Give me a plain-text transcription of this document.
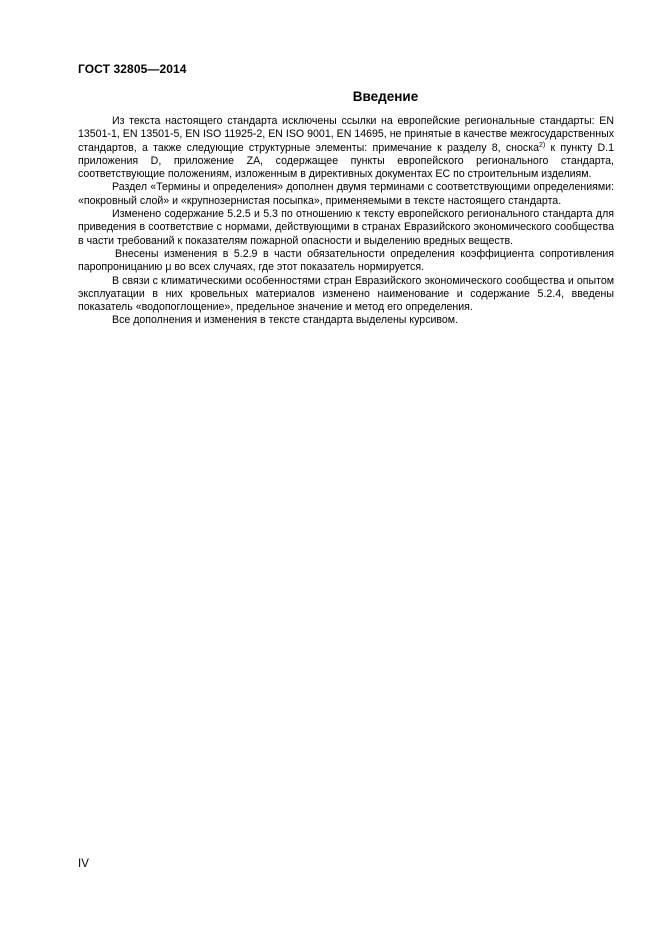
ГОСТ 32805—2014
Введение

Из текста настоящего стандарта исключены ссылки на европейские региональные стандарты: EN 13501-1, EN 13501-5, EN ISO 11925-2, EN ISO 9001, EN 14695, не принятые в качестве межгосударственных стандартов, а также следующие структурные элементы: примечание к разделу 8, сноска$^{2)}$ к пункту D.1 приложения D, приложение ZA, содержащее пункты европейского регионального стандарта, соответствующие положениям, изложенным в директивных документах ЕС по строительным изделиям.

Раздел «Термины и определения» дополнен двумя терминами с соответствующими определениями: «покровный слой» и «крупнозернистая посыпка», применяемыми в тексте настоящего стандарта.

Изменено содержание 5.2.5 и 5.3 по отношению к тексту европейского регионального стандарта для приведения в соответствие с нормами, действующими в странах Евразийского экономического сообщества в части требований к показателям пожарной опасности и выделению вредных веществ.

Внесены изменения в 5.2.9 в части обязательности определения коэффициента сопротивления паропроницанию μ во всех случаях, где этот показатель нормируется.

В связи с климатическими особенностями стран Евразийского экономического сообщества и опытом эксплуатации в них кровельных материалов изменено наименование и содержание 5.2.4, введены показатель «водопоглощение», предельное значение и метод его определения.

Все дополнения и изменения в тексте стандарта выделены курсивом.

IV
